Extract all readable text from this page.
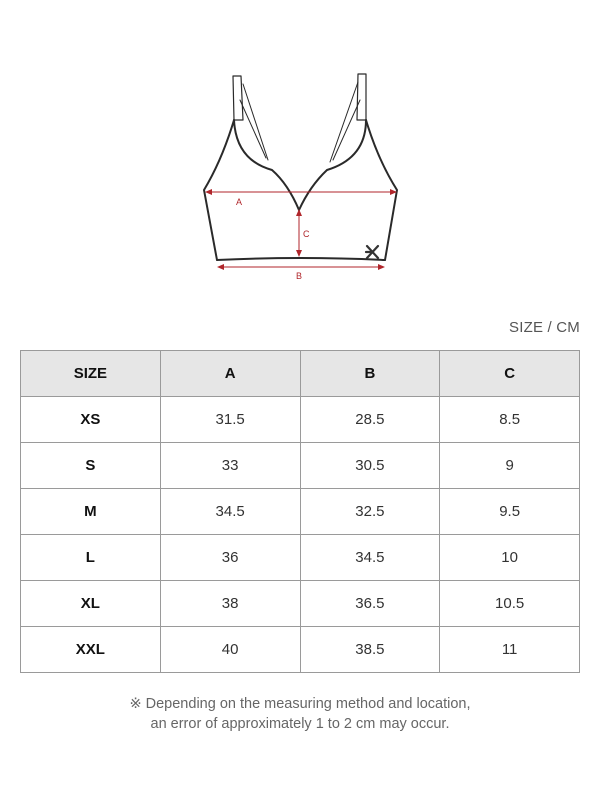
A
C
B
SIZE / CM
SIZE	A	B	C
XS	31.5	28.5	8.5
S	33	30.5	9
M	34.5	32.5	9.5
L	36	34.5	10
XL	38	36.5	10.5
XXL	40	38.5	11
※ Depending on the measuring method and location,
an error of approximately 1 to 2 cm may occur.
